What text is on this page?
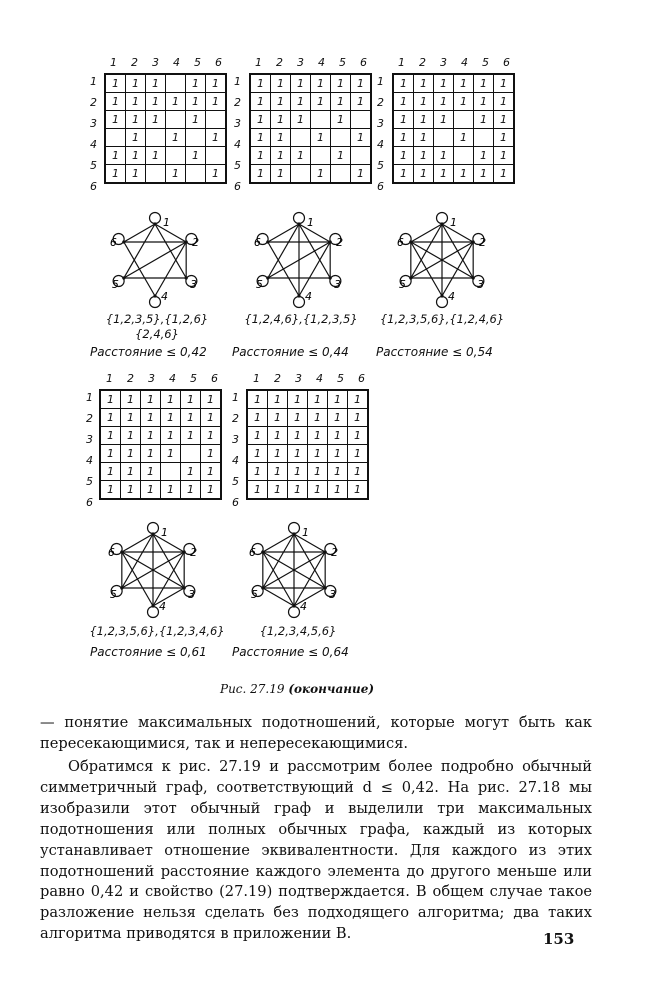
1
2
3
4
5
6
1
2
3
4
5
6
1
2
3
4
5
6
1
2
3
4
5
6
1
2
3
4
5
6
{1,2,3,5},{1,2,6}
{2,4,6}
{1,2,4,6},{1,2,3,5}	{1,2,3,5,6},{1,2,4,6}
{1,2,3,5,6},{1,2,3,4,6}	{1,2,3,4,5,6}
Расстояние ≤ 0,42 Расстояние ≤ 0,44 Расстояние ≤ 0,54
Расстояние ≤ 0,61 Расстояние ≤ 0,64
Рис. 27.19 (окончание)
— понятие максимальных подотношений, которые могут быть как пересекающимися, так и непересекающимися.
Обратимся к рис. 27.19 и рассмотрим более подробно обычный симметричный граф, соответствующий d ≤ 0,42. На рис. 27.18 мы изобразили этот обычный граф и выделили три максимальных подотношения или полных обычных графа, каждый из которых устанавливает отношение эквивалентности. Для каждого из этих подотношений расстояние каждого элемента до другого меньше или равно 0,42 и свойство (27.19) подтверждается. В общем случае такое разложение нельзя сделать без подходящего алгоритма; два таких алгоритма приводятся в приложении В.	153
1 2 3 4 5 6
1
2
3
4
5
6
1	1	1		1	1
1	1	1	1	1	1
1	1	1		1	
	1		1		1
1	1	1		1	
1	1		1		1
1 2 3 4 5 6
1
2
3
4
5
6
1	1	1	1	1	1
1	1	1	1	1	1
1	1	1		1	
1	1		1		1
1	1	1		1	
1	1		1		1
1 2 3 4 5 6
1
2
3
4
5
6
1	1	1	1	1	1
1	1	1	1	1	1
1	1	1		1	1
1	1		1		1
1	1	1		1	1
1	1	1	1	1	1
1 2 3 4 5 6
1
2
3
4
5
6
1	1	1	1	1	1
1	1	1	1	1	1
1	1	1	1	1	1
1	1	1	1		1
1	1	1		1	1
1	1	1	1	1	1
1 2 3 4 5 6
1
2
3
4
5
6
1	1	1	1	1	1
1	1	1	1	1	1
1	1	1	1	1	1
1	1	1	1	1	1
1	1	1	1	1	1
1	1	1	1	1	1
